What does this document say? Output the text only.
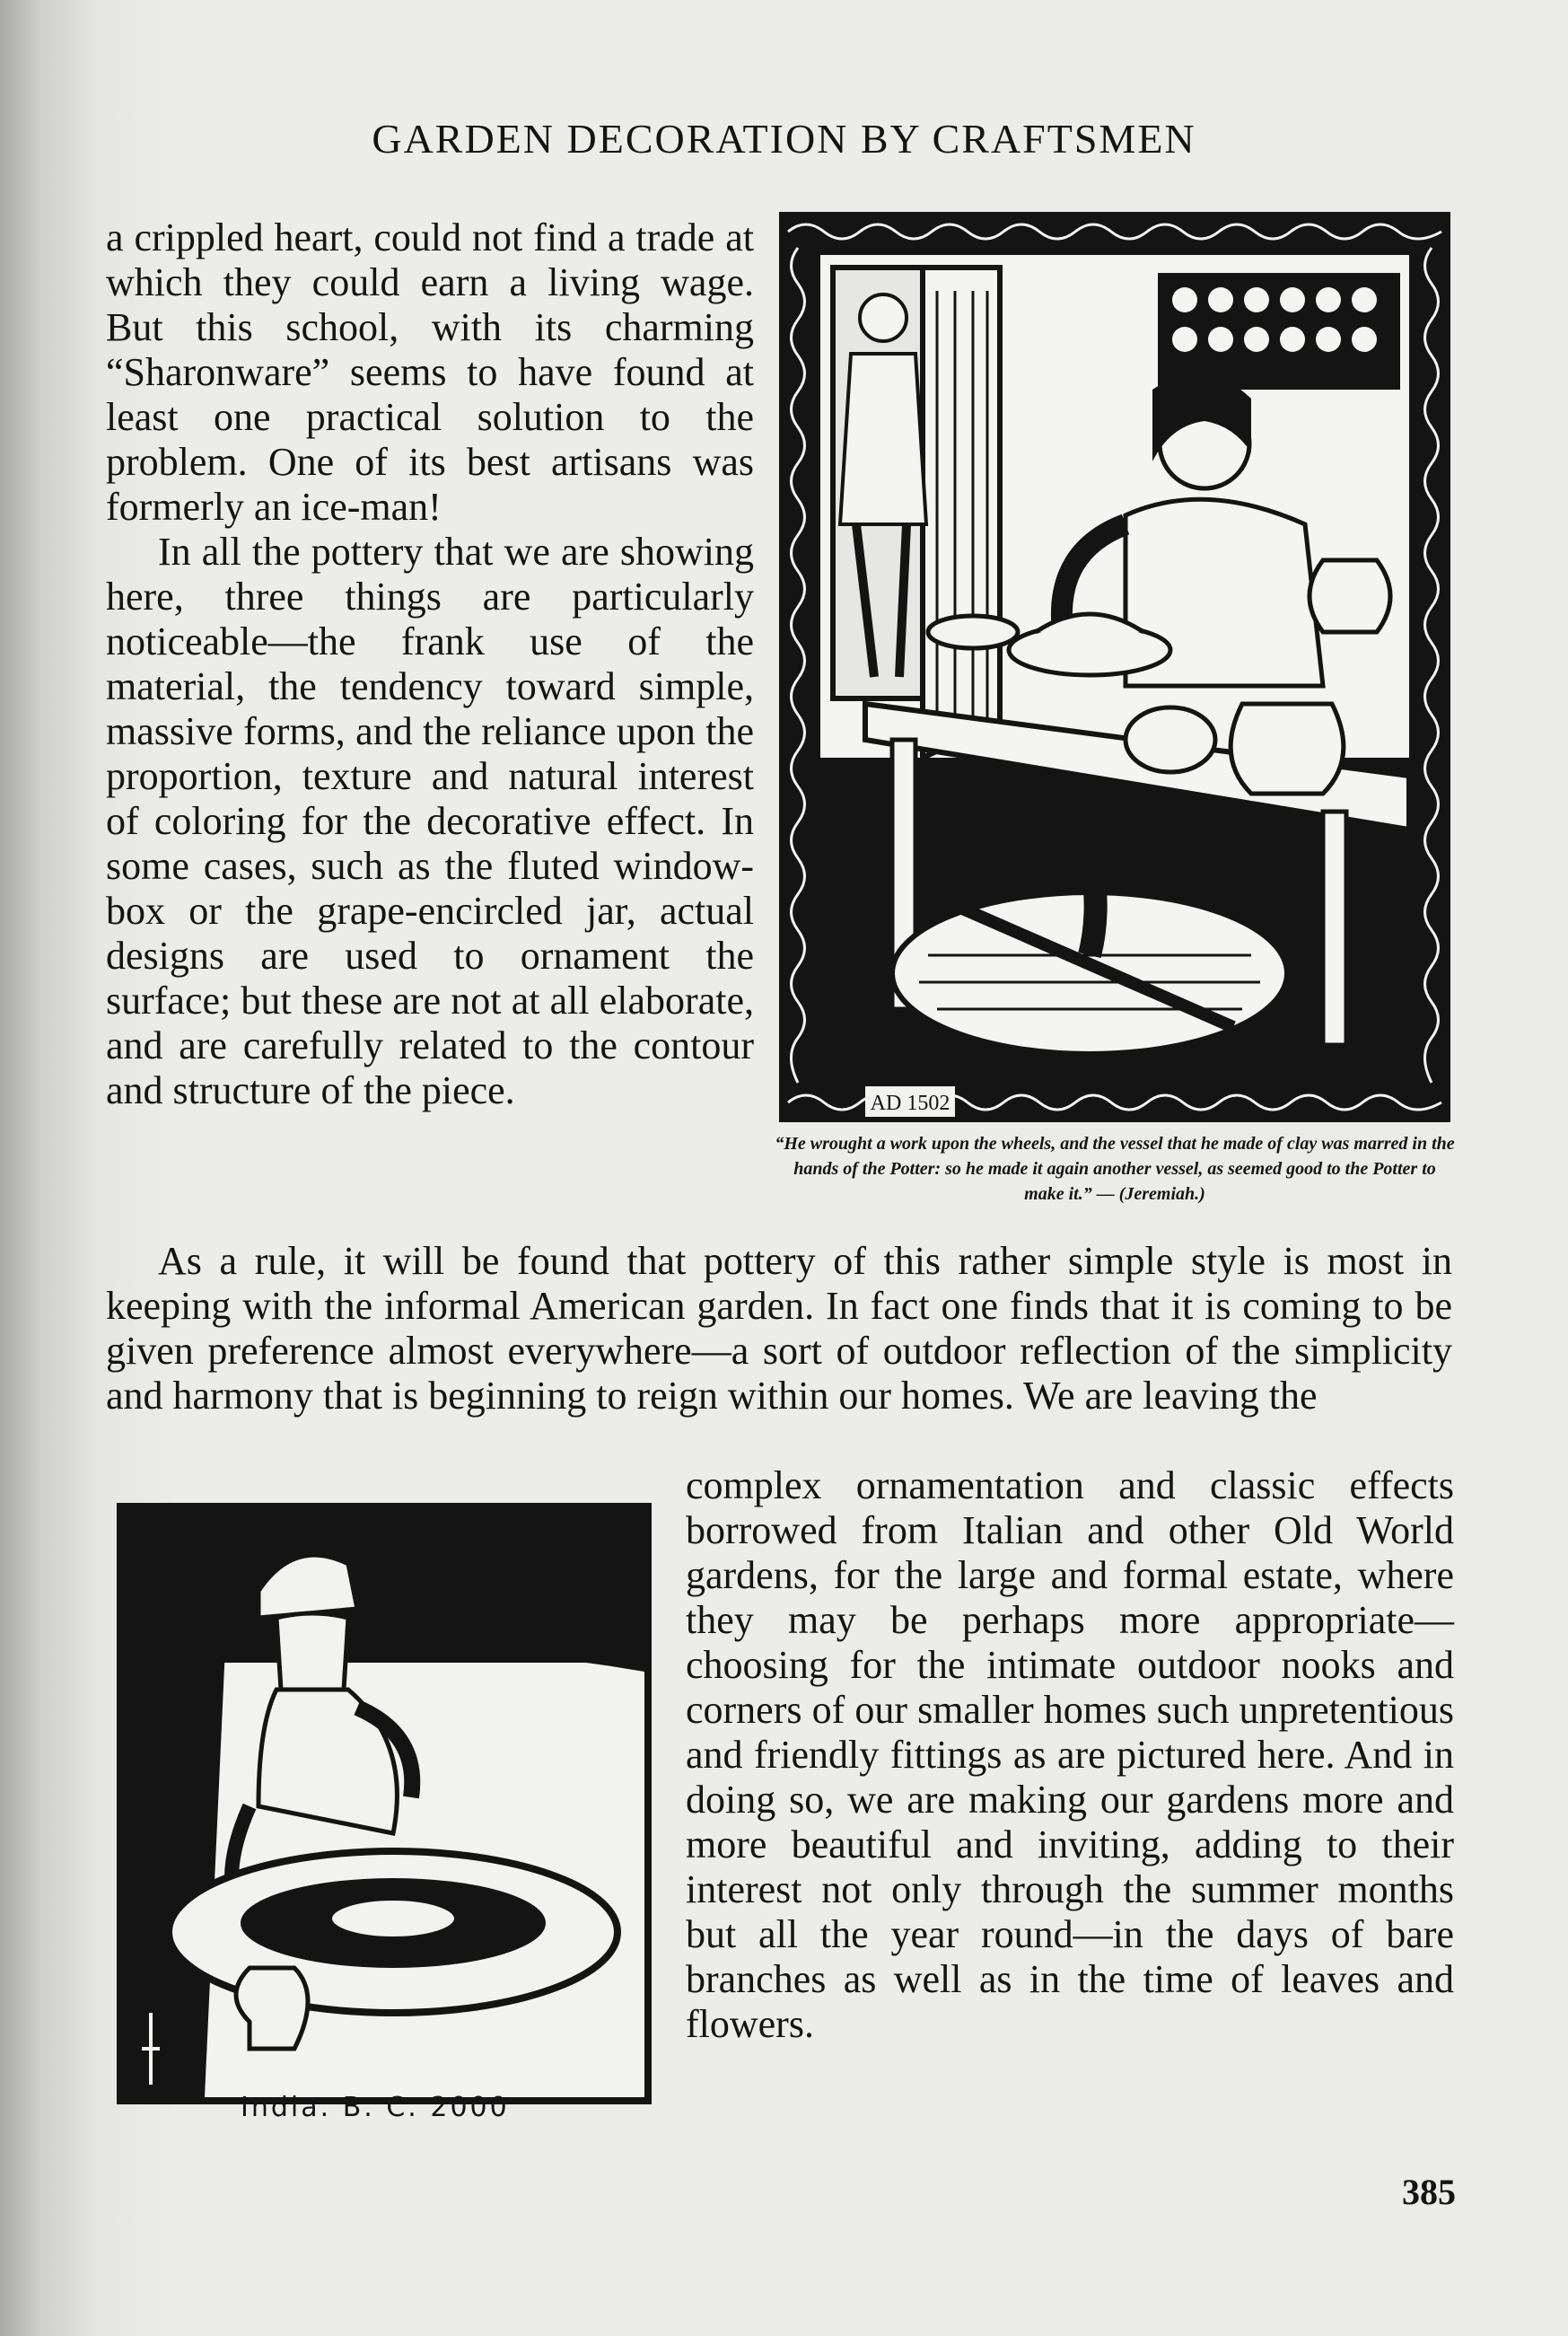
GARDEN DECORATION BY CRAFTSMEN

a crippled heart, could not find a trade at which they could earn a living wage. But this school, with its charming “Sharonware” seems to have found at least one practical solution to the problem. One of its best artisans was formerly an ice-man!

In all the pottery that we are showing here, three things are particularly noticeable—the frank use of the material, the tendency toward simple, massive forms, and the reliance upon the proportion, texture and natural interest of coloring for the decorative effect. In some cases, such as the fluted window-box or the grape-encircled jar, actual designs are used to ornament the surface; but these are not at all elaborate, and are carefully related to the contour and structure of the piece.	AD 1502
“He wrought a work upon the wheels, and the vessel that he made of clay was marred in the hands of the Potter: so he made it again another vessel, as seemed good to the Potter to make it.” — (Jeremiah.)

As a rule, it will be found that pottery of this rather simple style is most in keeping with the informal American garden. In fact one finds that it is coming to be given preference almost everywhere—a sort of outdoor reflection of the simplicity and harmony that is beginning to reign within our homes. We are leaving the

India. B. C. 2000

complex ornamentation and classic effects borrowed from Italian and other Old World gardens, for the large and formal estate, where they may be perhaps more appropriate—choosing for the intimate outdoor nooks and corners of our smaller homes such unpretentious and friendly fittings as are pictured here. And in doing so, we are making our gardens more and more beautiful and inviting, adding to their interest not only through the summer months but all the year round—in the days of bare branches as well as in the time of leaves and flowers.

385
